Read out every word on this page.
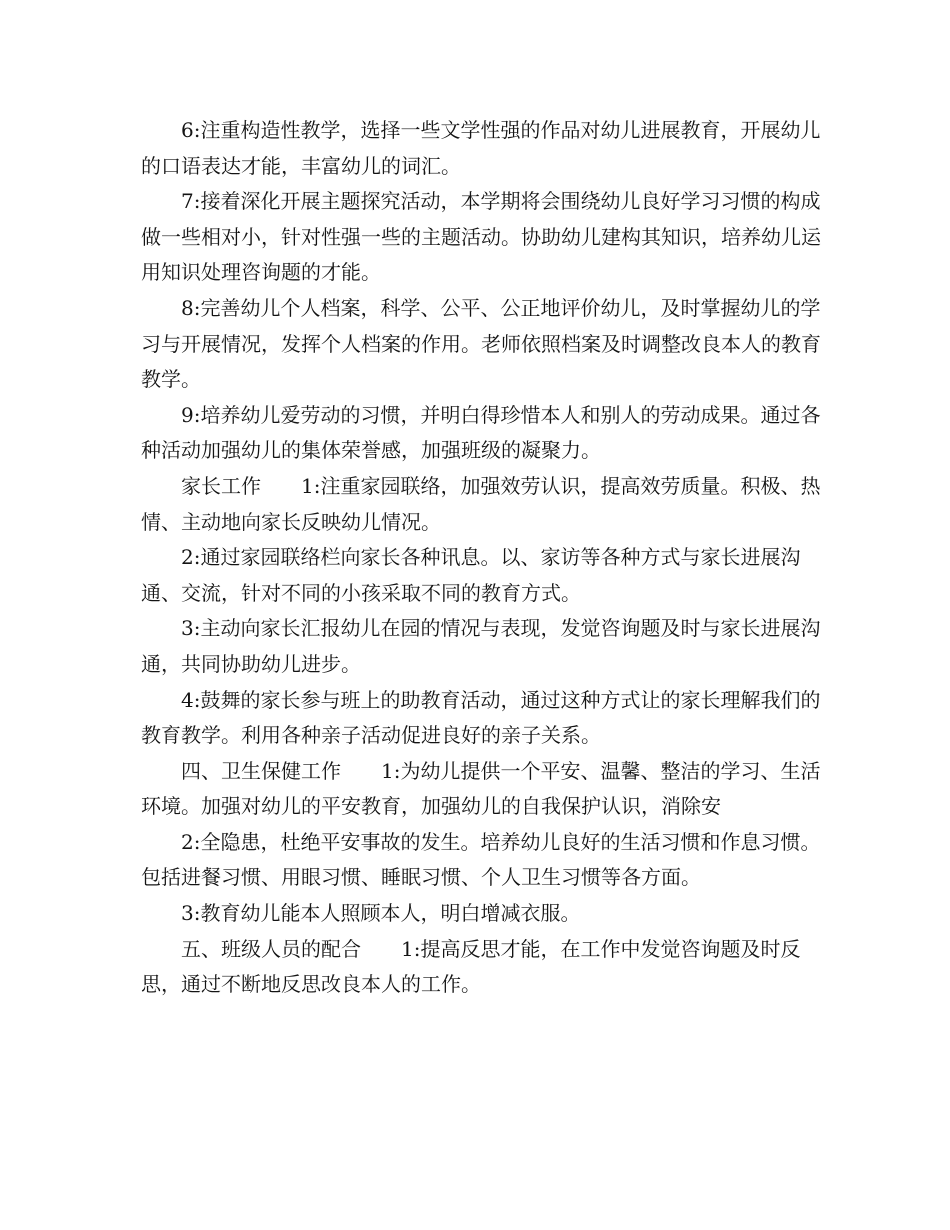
6:注重构造性教学，选择一些文学性强的作品对幼儿进展教育，开展幼儿的口语表达才能，丰富幼儿的词汇。

7:接着深化开展主题探究活动，本学期将会围绕幼儿良好学习习惯的构成做一些相对小，针对性强一些的主题活动。协助幼儿建构其知识，培养幼儿运用知识处理咨询题的才能。

8:完善幼儿个人档案，科学、公平、公正地评价幼儿，及时掌握幼儿的学习与开展情况，发挥个人档案的作用。老师依照档案及时调整改良本人的教育教学。

9:培养幼儿爱劳动的习惯，并明白得珍惜本人和别人的劳动成果。通过各种活动加强幼儿的集体荣誉感，加强班级的凝聚力。

家长工作 1:注重家园联络，加强效劳认识，提高效劳质量。积极、热情、主动地向家长反映幼儿情况。

2:通过家园联络栏向家长各种讯息。以、家访等各种方式与家长进展沟通、交流，针对不同的小孩采取不同的教育方式。

3:主动向家长汇报幼儿在园的情况与表现，发觉咨询题及时与家长进展沟通，共同协助幼儿进步。

4:鼓舞的家长参与班上的助教育活动，通过这种方式让的家长理解我们的教育教学。利用各种亲子活动促进良好的亲子关系。

四、卫生保健工作 1:为幼儿提供一个平安、温馨、整洁的学习、生活环境。加强对幼儿的平安教育，加强幼儿的自我保护认识，消除安

2:全隐患，杜绝平安事故的发生。培养幼儿良好的生活习惯和作息习惯。包括进餐习惯、用眼习惯、睡眠习惯、个人卫生习惯等各方面。

3:教育幼儿能本人照顾本人，明白增减衣服。

五、班级人员的配合 1:提高反思才能，在工作中发觉咨询题及时反思，通过不断地反思改良本人的工作。
